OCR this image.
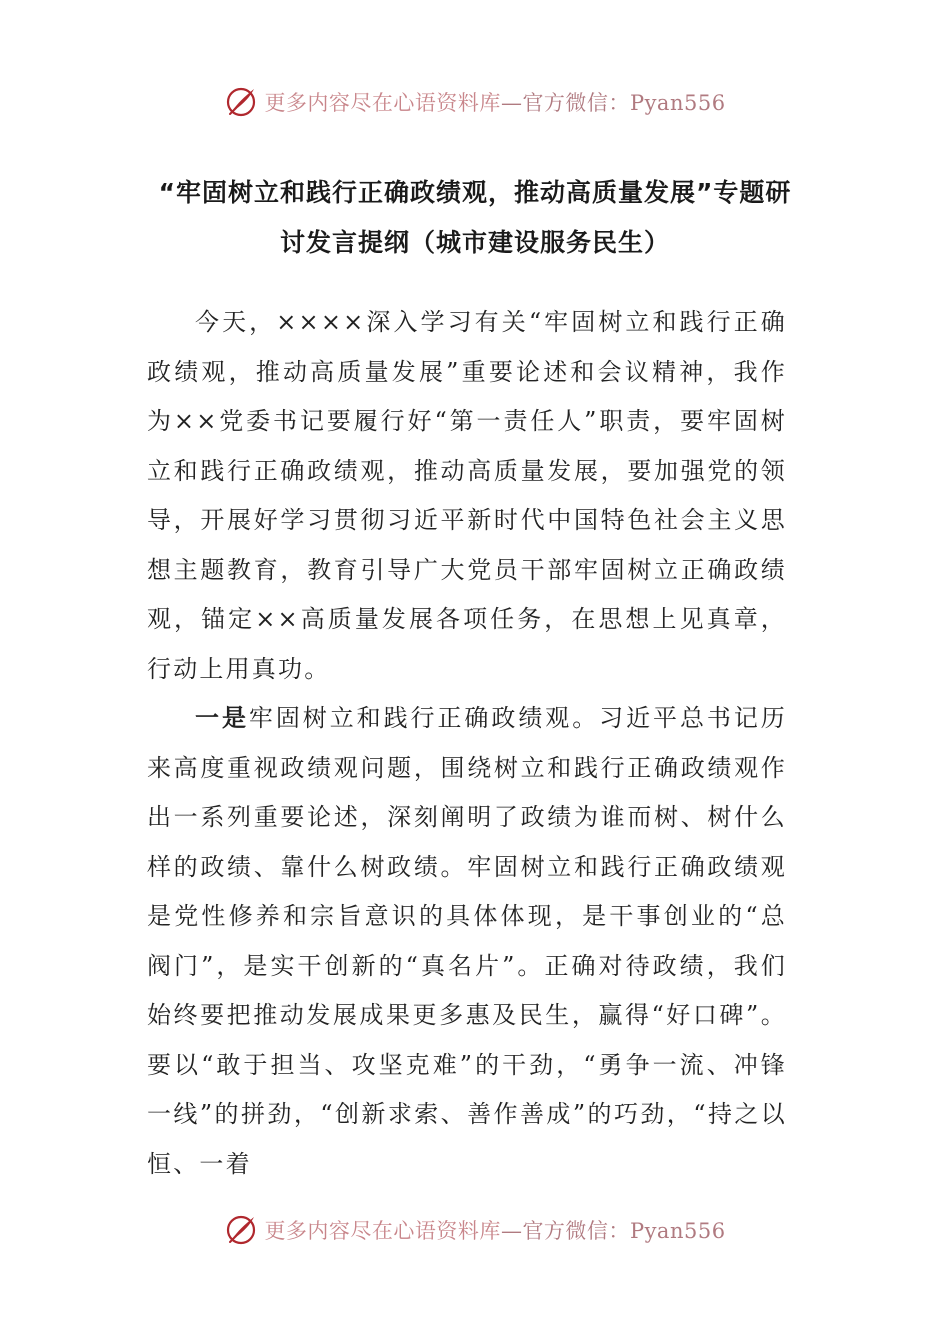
更多内容尽在心语资料库—官方微信：Pyan556
“牢固树立和践行正确政绩观，推动高质量发展”专题研
讨发言提纲（城市建设服务民生）

今天，××××深入学习有关“牢固树立和践行正确政绩观，推动高质量发展”重要论述和会议精神，我作为××党委书记要履行好“第一责任人”职责，要牢固树立和践行正确政绩观，推动高质量发展，要加强党的领导，开展好学习贯彻习近平新时代中国特色社会主义思想主题教育，教育引导广大党员干部牢固树立正确政绩观，锚定××高质量发展各项任务，在思想上见真章，行动上用真功。

一是牢固树立和践行正确政绩观。习近平总书记历来高度重视政绩观问题，围绕树立和践行正确政绩观作出一系列重要论述，深刻阐明了政绩为谁而树、树什么样的政绩、靠什么树政绩。牢固树立和践行正确政绩观是党性修养和宗旨意识的具体体现，是干事创业的“总阀门”，是实干创新的“真名片”。正确对待政绩，我们始终要把推动发展成果更多惠及民生，赢得“好口碑”。要以“敢于担当、攻坚克难”的干劲，“勇争一流、冲锋一线”的拼劲，“创新求索、善作善成”的巧劲，“持之以恒、一着

更多内容尽在心语资料库—官方微信：Pyan556
